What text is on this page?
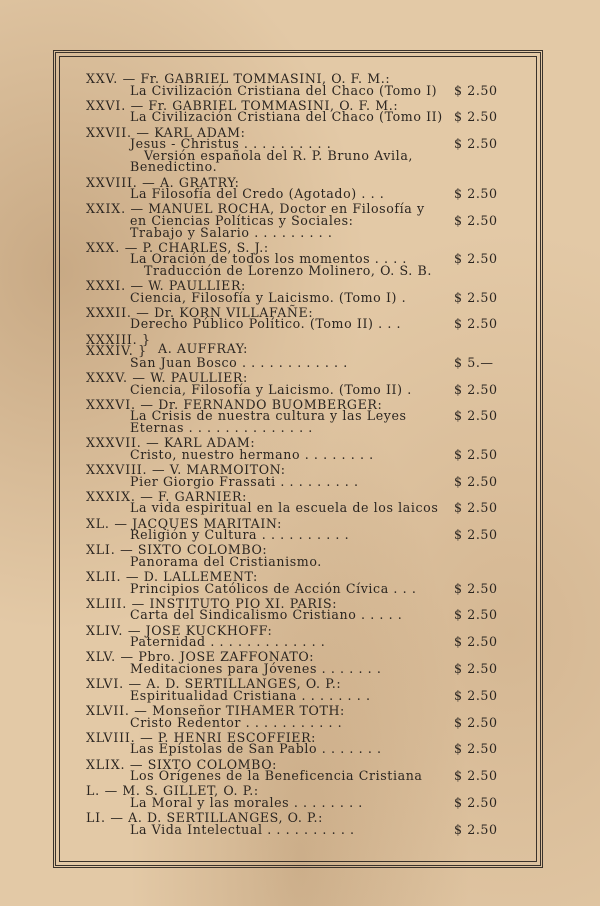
XXV. — Fr. GABRIEL TOMMASINI, O. F. M.:
La Civilización Cristiana del Chaco (Tomo I) $ 2.50
XXVI. — Fr. GABRIEL TOMMASINI, O. F. M.:
La Civilización Cristiana del Chaco (Tomo II) $ 2.50
XXVII. — KARL ADAM:
Jesus - Christus . . . . . . . . . .	$ 2.50
Versión española del R. P. Bruno Avila,
Benedictino.
XXVIII. — A. GRATRY:
La Filosofía del Credo (Agotado) . . .	$ 2.50
XXIX. — MANUEL ROCHA, Doctor en Filosofía y
en Ciencias Políticas y Sociales:	$ 2.50
Trabajo y Salario . . . . . . . . .
XXX. — P. CHARLES, S. J.:
La Oración de todos los momentos . . . .	$ 2.50
Traducción de Lorenzo Molinero, O. S. B.
XXXI. — W. PAULLIER:
Ciencia, Filosofía y Laicismo. (Tomo I) .	$ 2.50
XXXII. — Dr. KORN VILLAFAÑE:
Derecho Público Político. (Tomo II) . . .	$ 2.50
XXXIII. }
A. AUFFRAY:
XXXIV. }
San Juan Bosco . . . . . . . . . . . .	$ 5.—
XXXV. — W. PAULLIER:
Ciencia, Filosofía y Laicismo. (Tomo II) .	$ 2.50
XXXVI. — Dr. FERNANDO BUOMBERGER:
La Crisis de nuestra cultura y las Leyes	$ 2.50
Eternas . . . . . . . . . . . . . .
XXXVII. — KARL ADAM:
Cristo, nuestro hermano . . . . . . . .	$ 2.50
XXXVIII. — V. MARMOITON:
Pier Giorgio Frassati . . . . . . . . .	$ 2.50
XXXIX. — F. GARNIER:
La vida espiritual en la escuela de los laicos $ 2.50
XL. — JACQUES MARITAIN:
Religión y Cultura . . . . . . . . . .	$ 2.50
XLI. — SIXTO COLOMBO:
Panorama del Cristianismo.
XLII. — D. LALLEMENT:
Principios Católicos de Acción Cívica . . .	$ 2.50
XLIII. — INSTITUTO PIO XI. PARIS:
Carta del Sindicalismo Cristiano . . . . .	$ 2.50
XLIV. — JOSE KUCKHOFF:
Paternidad . . . . . . . . . . . . .	$ 2.50
XLV. — Pbro. JOSE ZAFFONATO:
Meditaciones para Jóvenes . . . . . . .	$ 2.50
XLVI. — A. D. SERTILLANGES, O. P.:
Espiritualidad Cristiana . . . . . . . .	$ 2.50
XLVII. — Monseñor TIHAMER TOTH:
Cristo Redentor . . . . . . . . . . .	$ 2.50
XLVIII. — P. HENRI ESCOFFIER:
Las Epístolas de San Pablo . . . . . . .	$ 2.50
XLIX. — SIXTO COLOMBO:
Los Orígenes de la Beneficencia Cristiana $ 2.50
L. — M. S. GILLET, O. P.:
La Moral y las morales . . . . . . . .	$ 2.50
LI. — A. D. SERTILLANGES, O. P.:
La Vida Intelectual . . . . . . . . . .	$ 2.50
